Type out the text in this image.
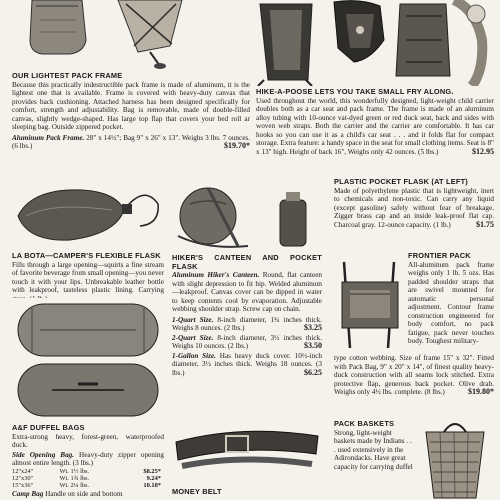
OUR LIGHTEST PACK FRAME

Because this practically indestructible pack frame is made of aluminum, it is the lightest one that is available. Frame is covered with heavy-duty canvas that provides back cushioning. Attached harness has been designed specifically for comfort, strength and adjustability. Bag is removable, made of double-filled canvas, slightly wedge-shaped. Has large top flap that covers your bed roll ar sleeping bag. Outside zippered pocket.

Aluminum Pack Frame. 28" x 14½"; Bag 9" x 26" x 13". Weighs 3 lbs. 7 ounces. (6 lbs.)	$19.70*

HIKE-A-POOSE LETS YOU TAKE SMALL FRY ALONG.

Used throughout the world, this wonderfully designed, light-weight child carrier doubles both as a car seat and pack frame. The frame is made of an aluminum alloy tubing with 10-ounce vat-dyed green or red duck seat, back and sides with woven web straps. Both the carrier and the carrier are comfortable. It has car hooks so you can use it as a child's car seat . . . and it folds flat for compact storage. Extra feature: a handy space in the seat for small clothing items. Seat is 8" x 13" high. Height of back 16", Weighs only 42 ounces. (5 lbs.)	$12.95

PLASTIC POCKET FLASK (AT LEFT)

Made of polyethylene plastic that is lightweight, inert to chemicals and non-toxic. Can carry any liquid (except gasoline) safely without fear of breakage. Zigger brass cap and an inside leak-proof flat cap. Charcoal gray. 12-ounce capacity. (1 lb.)	$1.75

LA BOTA—CAMPER'S FLEXIBLE FLASK

Fills through a large opening—squirts a fine stream of favorite beverage from small opening—you never touch it with your lips. Unbreakable leather bottle with leakproof, tasteless plastic lining. Carrying

HIKER'S CANTEEN AND POCKET FLASK

Aluminum Hiker's Canteen. Round, flat canteen with slight depression to fit hip. Welded aluminum—leakproof. Canvas cover can be dipped in water to keep contents cool by evaporation. Adjustable webbing shoulder strap. Screw cap on chain.

1-Quart Size. 8-inch diameter, 1¾ inches thick. Weighs 8 ounces. (2 lbs.)	$3.25

2-Quart Size. 8-inch diameter, 3½ inches thick. Weighs 10 ounces. (2 lbs.)	$3.50

1-Gallon Size. Has heavy duck cover. 10½-inch diameter, 3½ inches thick. Weighs 18 ounces. (3 lbs.)	$6.25

FRONTIER PACK

All-aluminum pack frame weighs only 1 lb. 5 ozs. Has padded shoulder straps that are swivel mounted for automatic personal adjustment. Contour frame construction engineered for body comfort, no pack fatigue, pack never touches body. Toughest military-

type cotton webbing. Size of frame 15" x 32". Fitted with Pack Bag, 9" x 20" x 14", of finest quality heavy-duck construction with all seams lock stitched. Extra protective flap, generous back pocket. Olive drab. Weighs only 4½ lbs. complete. (8 lbs.)	$19.80*

A&F DUFFEL BAGS

Extra-strong heavy, forest-green, waterproofed duck.

Side Opening Bag. Heavy-duty zipper opening almost entire length. (3 lbs.)

12"x24"	Wt. 1½ lbs.	$8.25*
12"x30"	Wt. 1¾ lbs.	9.24*
15"x36"	Wt. 2¼ lbs.	10.18*

Camp Bag Handle on side and bottom	MONEY BELT
PACK BASKETS

Strong, light-weight baskets made by Indians . . . used extensively in the Adirondacks. Have great capacity for carrying duffel
